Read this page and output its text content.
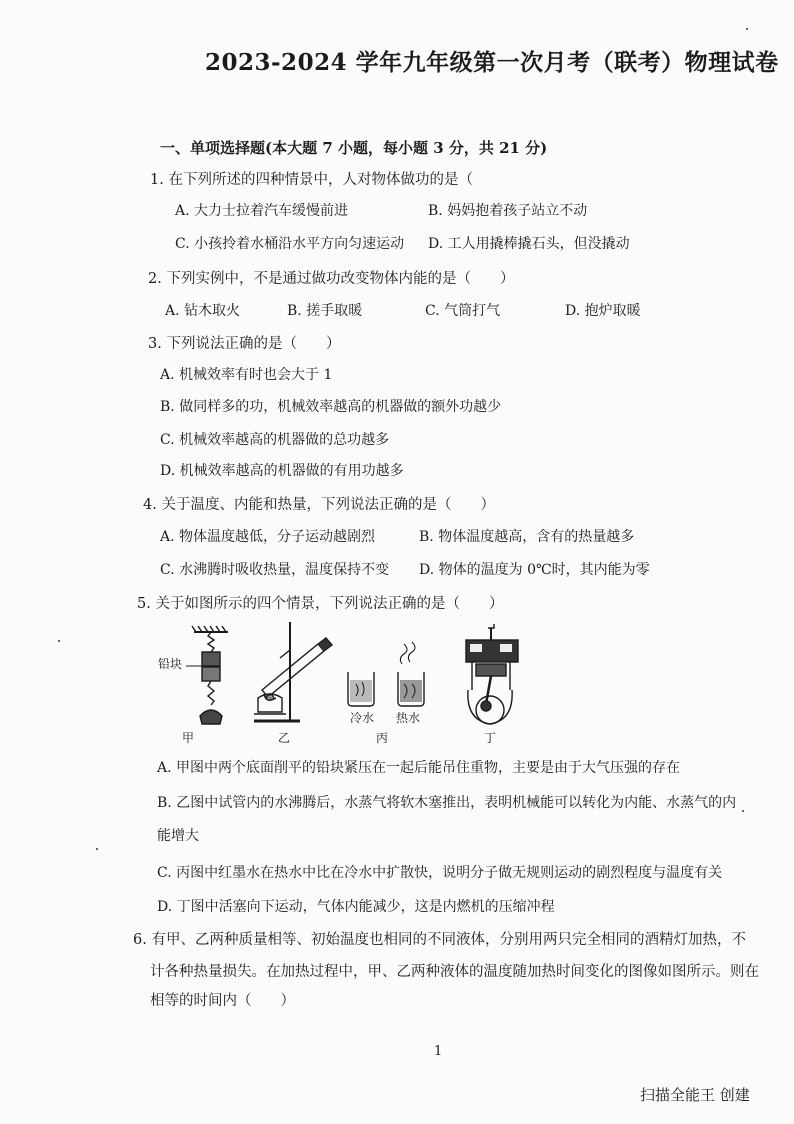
2023-2024 学年九年级第一次月考（联考）物理试卷
一、单项选择题(本大题 7 小题，每小题 3 分，共 21 分)
1. 在下列所述的四种情景中，人对物体做功的是（
A. 大力士拉着汽车缓慢前进	B. 妈妈抱着孩子站立不动
C. 小孩拎着水桶沿水平方向匀速运动 D. 工人用撬棒撬石头，但没撬动
2. 下列实例中，不是通过做功改变物体内能的是（　　）
A. 钻木取火	B. 搓手取暖	C. 气筒打气	D. 抱炉取暖
3. 下列说法正确的是（　　）
A. 机械效率有时也会大于 1
B. 做同样多的功，机械效率越高的机器做的额外功越少
C. 机械效率越高的机器做的总功越多
D. 机械效率越高的机器做的有用功越多
4. 关于温度、内能和热量，下列说法正确的是（　　）
A. 物体温度越低，分子运动越剧烈	B. 物体温度越高，含有的热量越多
C. 水沸腾时吸收热量，温度保持不变 D. 物体的温度为 0℃时，其内能为零
5. 关于如图所示的四个情景，下列说法正确的是（　　）
铅块
冷水 热水
甲	乙	丙	丁
A. 甲图中两个底面削平的铅块紧压在一起后能吊住重物，主要是由于大气压强的存在
B. 乙图中试管内的水沸腾后，水蒸气将软木塞推出，表明机械能可以转化为内能、水蒸气的内
能增大
C. 丙图中红墨水在热水中比在冷水中扩散快，说明分子做无规则运动的剧烈程度与温度有关
D. 丁图中活塞向下运动，气体内能减少，这是内燃机的压缩冲程
6. 有甲、乙两种质量相等、初始温度也相同的不同液体，分别用两只完全相同的酒精灯加热，不
计各种热量损失。在加热过程中，甲、乙两种液体的温度随加热时间变化的图像如图所示。则在
相等的时间内（　　）
1
扫描全能王 创建
